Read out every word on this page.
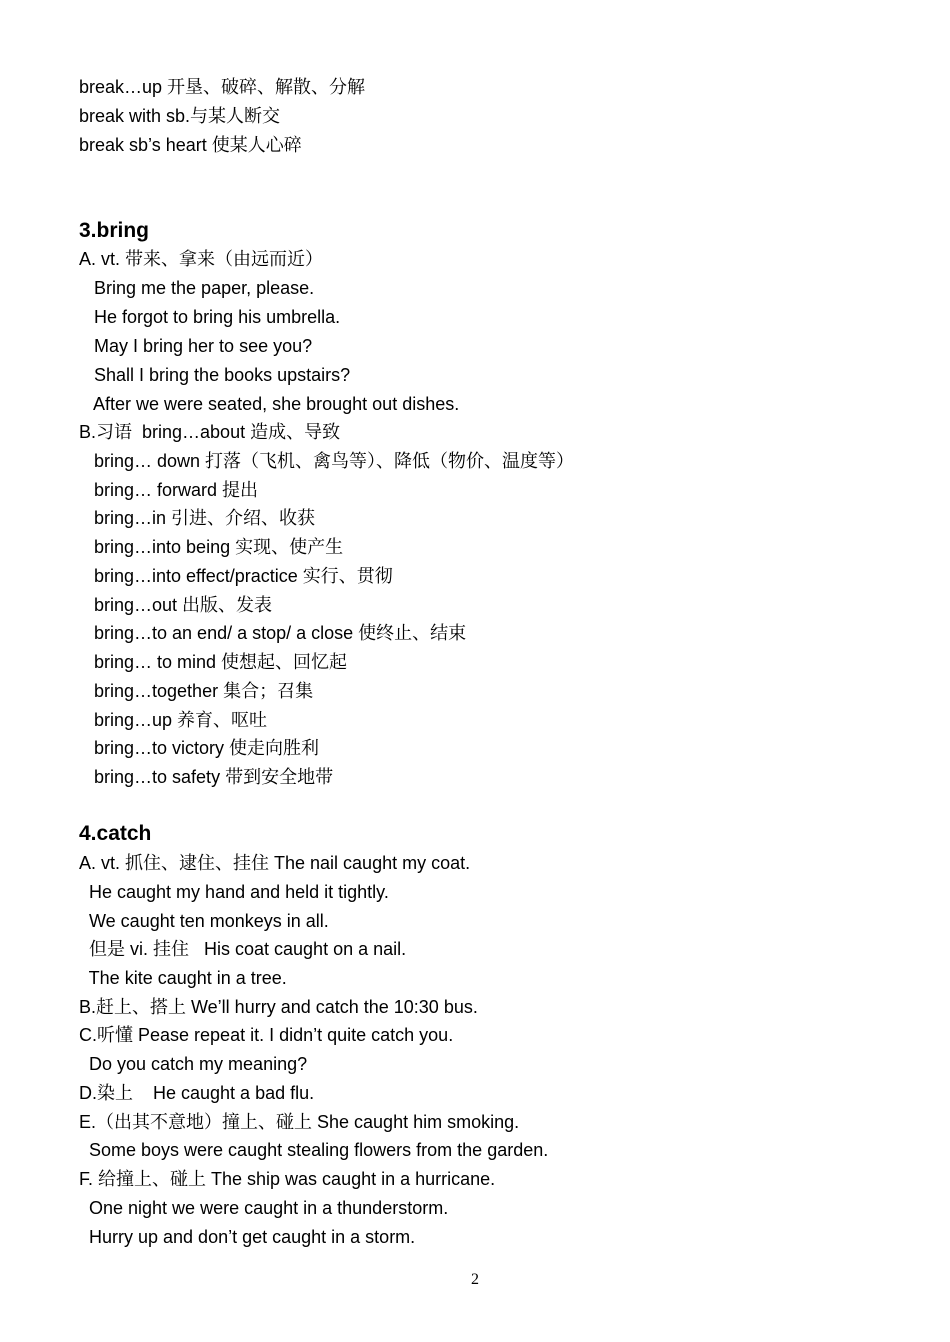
break…up 开垦、破碎、解散、分解
break with sb.与某人断交
break sb’s heart 使某人心碎
3.bring
A. vt. 带来、拿来（由远而近）
Bring me the paper, please.
He forgot to bring his umbrella.
May I bring her to see you?
Shall I bring the books upstairs?
After we were seated, she brought out dishes.
B.习语  bring…about 造成、导致
bring… down 打落（飞机、禽鸟等）、降低（物价、温度等）
bring… forward 提出
bring…in 引进、介绍、收获
bring…into being 实现、使产生
bring…into effect/practice 实行、贯彻
bring…out 出版、发表
bring…to an end/ a stop/ a close 使终止、结束
bring… to mind 使想起、回忆起
bring…together 集合；召集
bring…up 养育、呕吐
bring…to victory 使走向胜利
bring…to safety 带到安全地带
4.catch
A. vt. 抓住、逮住、挂住 The nail caught my coat.
He caught my hand and held it tightly.
We caught ten monkeys in all.
但是 vi. 挂住   His coat caught on a nail.
The kite caught in a tree.
B.赶上、搭上 We’ll hurry and catch the 10:30 bus.
C.听懂 Pease repeat it. I didn’t quite catch you.
Do you catch my meaning?
D.染上    He caught a bad flu.
E.（出其不意地）撞上、碰上 She caught him smoking.
Some boys were caught stealing flowers from the garden.
F. 给撞上、碰上 The ship was caught in a hurricane.
One night we were caught in a thunderstorm.
Hurry up and don’t get caught in a storm.
2
